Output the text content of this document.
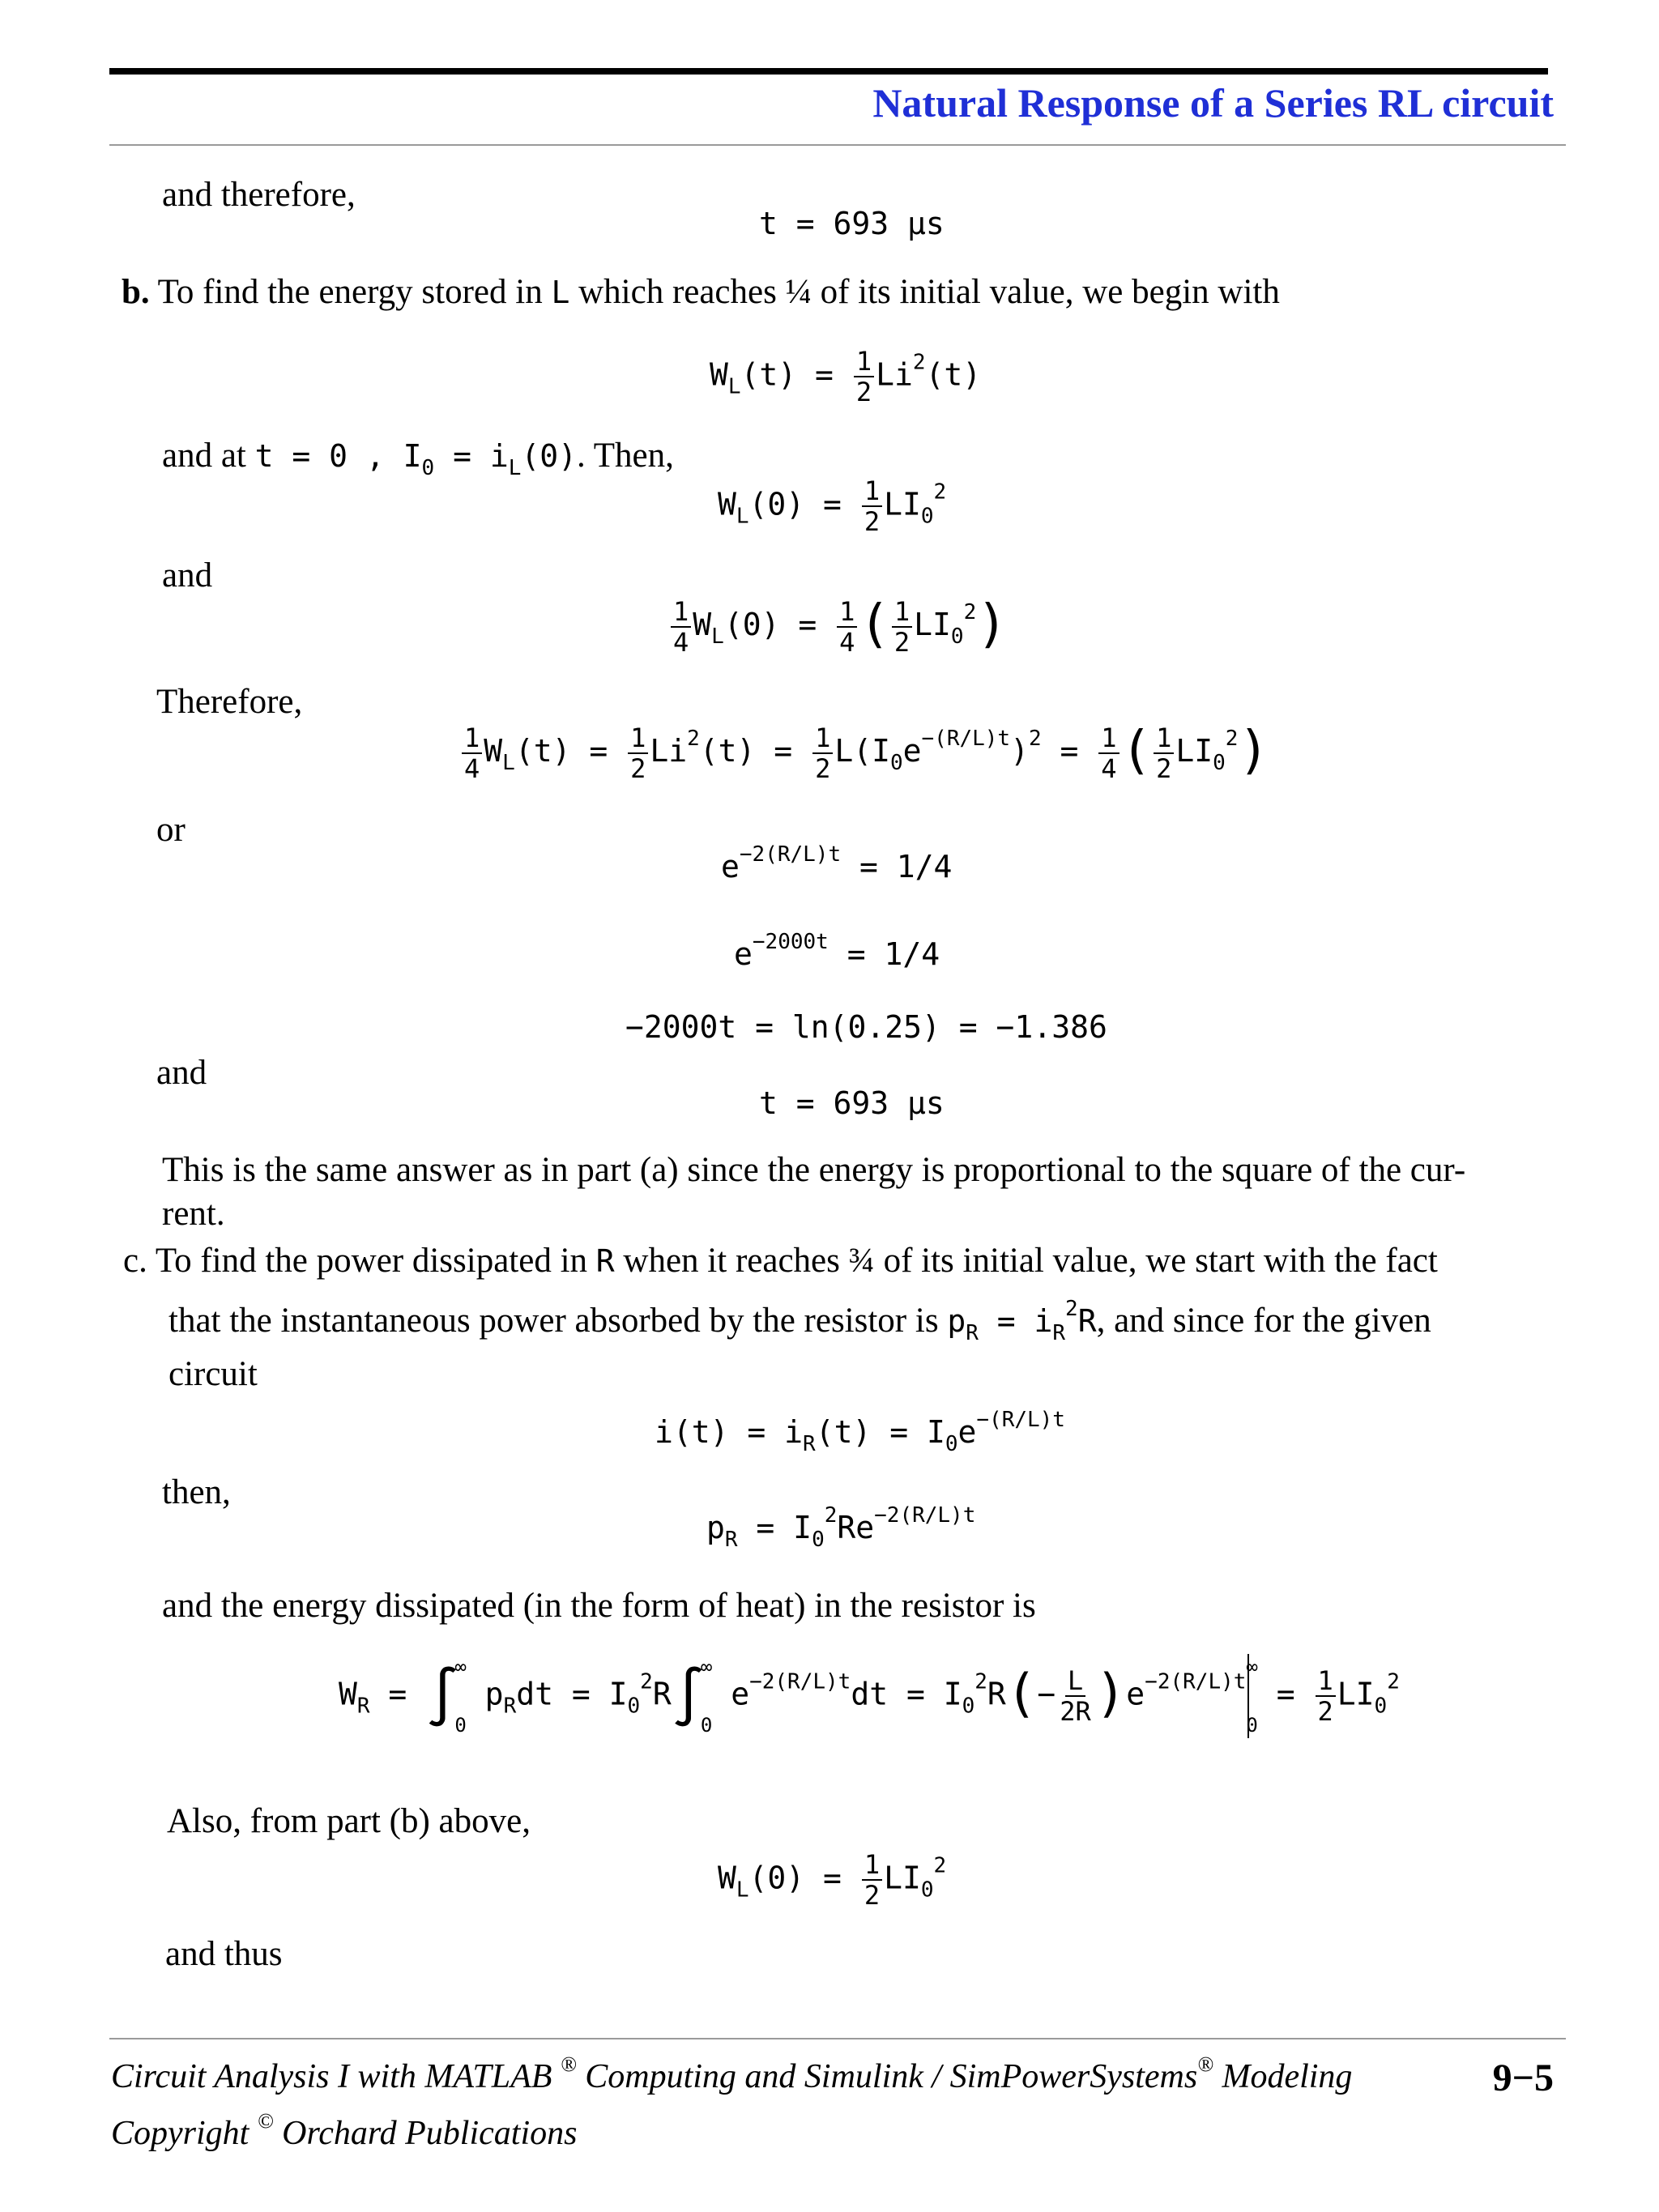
Natural Response of a Series RL circuit
and therefore,
t = 693 μs
b. To find the energy stored in L which reaches ¼ of its initial value, we begin with
$W_L(t) = \frac{1}{2} Li^2(t)$
and at t = 0 , $I_0 = i_L(0)$. Then,
$W_L(0) = \frac{1}{2} LI_0^2$
and
$\frac{1}{4} W_L(0) = \frac{1}{4}$ ( $\frac{1}{2} LI_0^2$)
Therefore,
$\frac{1}{4} W_L(t) = \frac{1}{2} Li^2(t) = \frac{1}{2} L(I_0e^{-(R/L)t})^2 = \frac{1}{4}$ ( $\frac{1}{2} LI_0^2$)
or
$e^{-2(R/L)t} = 1/4$
$e^{-2000t} = 1/4$
−2000t = ln(0.25) = −1.386
and
t = 693 μs
This is the same answer as in part (a) since the energy is proportional to the square of the cur-
rent.
c. To find the power dissipated in R when it reaches ¾ of its initial value, we start with the fact
that the instantaneous power absorbed by the resistor is $p_R = i_R^2R$, and since for the given
circuit
$i(t) = i_R(t) = I_0e^{-(R/L)t}$
then,
$p_R = I_0^2Re^{-2(R/L)t}$
and the energy dissipated (in the form of heat) in the resistor is
$W_R$ = ∫
∞
0
$p_Rdt = I_0^2R\int$
∞
0
$e^{-2(R/L)t}dt = I_0^2R(- \frac{L}{2R} )e^{-2(R/L)t}$
∞
0
= $\frac{1}{2} LI_0^2$
Also, from part (b) above,
$W_L(0) = \frac{1}{2} LI_0^2$
and thus
Circuit Analysis I with MATLAB ® Computing and Simulink / SimPowerSystems® Modeling	9−5
Copyright © Orchard Publications
